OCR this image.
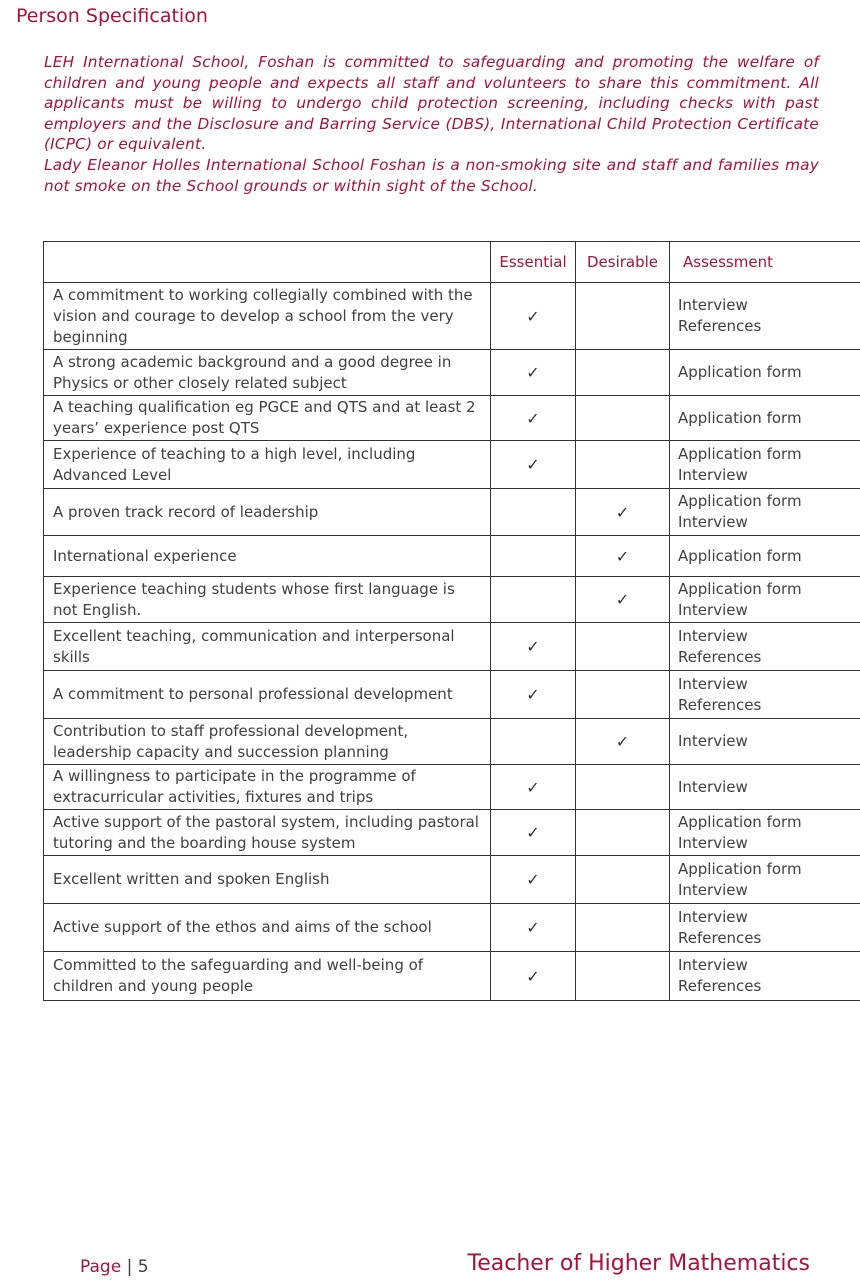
Person Specification

LEH International School, Foshan is committed to safeguarding and promoting the welfare of children and young people and expects all staff and volunteers to share this commitment. All applicants must be willing to undergo child protection screening, including checks with past employers and the Disclosure and Barring Service (DBS), International Child Protection Certificate (ICPC) or equivalent.

Lady Eleanor Holles International School Foshan is a non-smoking site and staff and families may not smoke on the School grounds or within sight of the School.

	Essential	Desirable	Assessment
A commitment to working collegially combined with the vision and courage to develop a school from the very beginning	✓		Interview
References

A strong academic background and a good degree in Physics or other closely related subject	✓		Application form

A teaching qualification eg PGCE and QTS and at least 2 years’ experience post QTS	✓		Application form

Experience of teaching to a high level, including Advanced Level	✓		Application form
Interview

A proven track record of leadership		✓	Application form
Interview

International experience		✓	Application form

Experience teaching students whose first language is not English.		✓	Application form
Interview

Excellent teaching, communication and interpersonal skills	✓		Interview
References

A commitment to personal professional development	✓		Interview
References

Contribution to staff professional development, leadership capacity and succession planning		✓	Interview

A willingness to participate in the programme of extracurricular activities, fixtures and trips	✓		Interview

Active support of the pastoral system, including pastoral tutoring and the boarding house system	✓		Application form
Interview

Excellent written and spoken English	✓		Application form
Interview

Active support of the ethos and aims of the school	✓		Interview
References

Committed to the safeguarding and well-being of children and young people	✓		Interview
References
Page | 5	Teacher of Higher Mathematics
